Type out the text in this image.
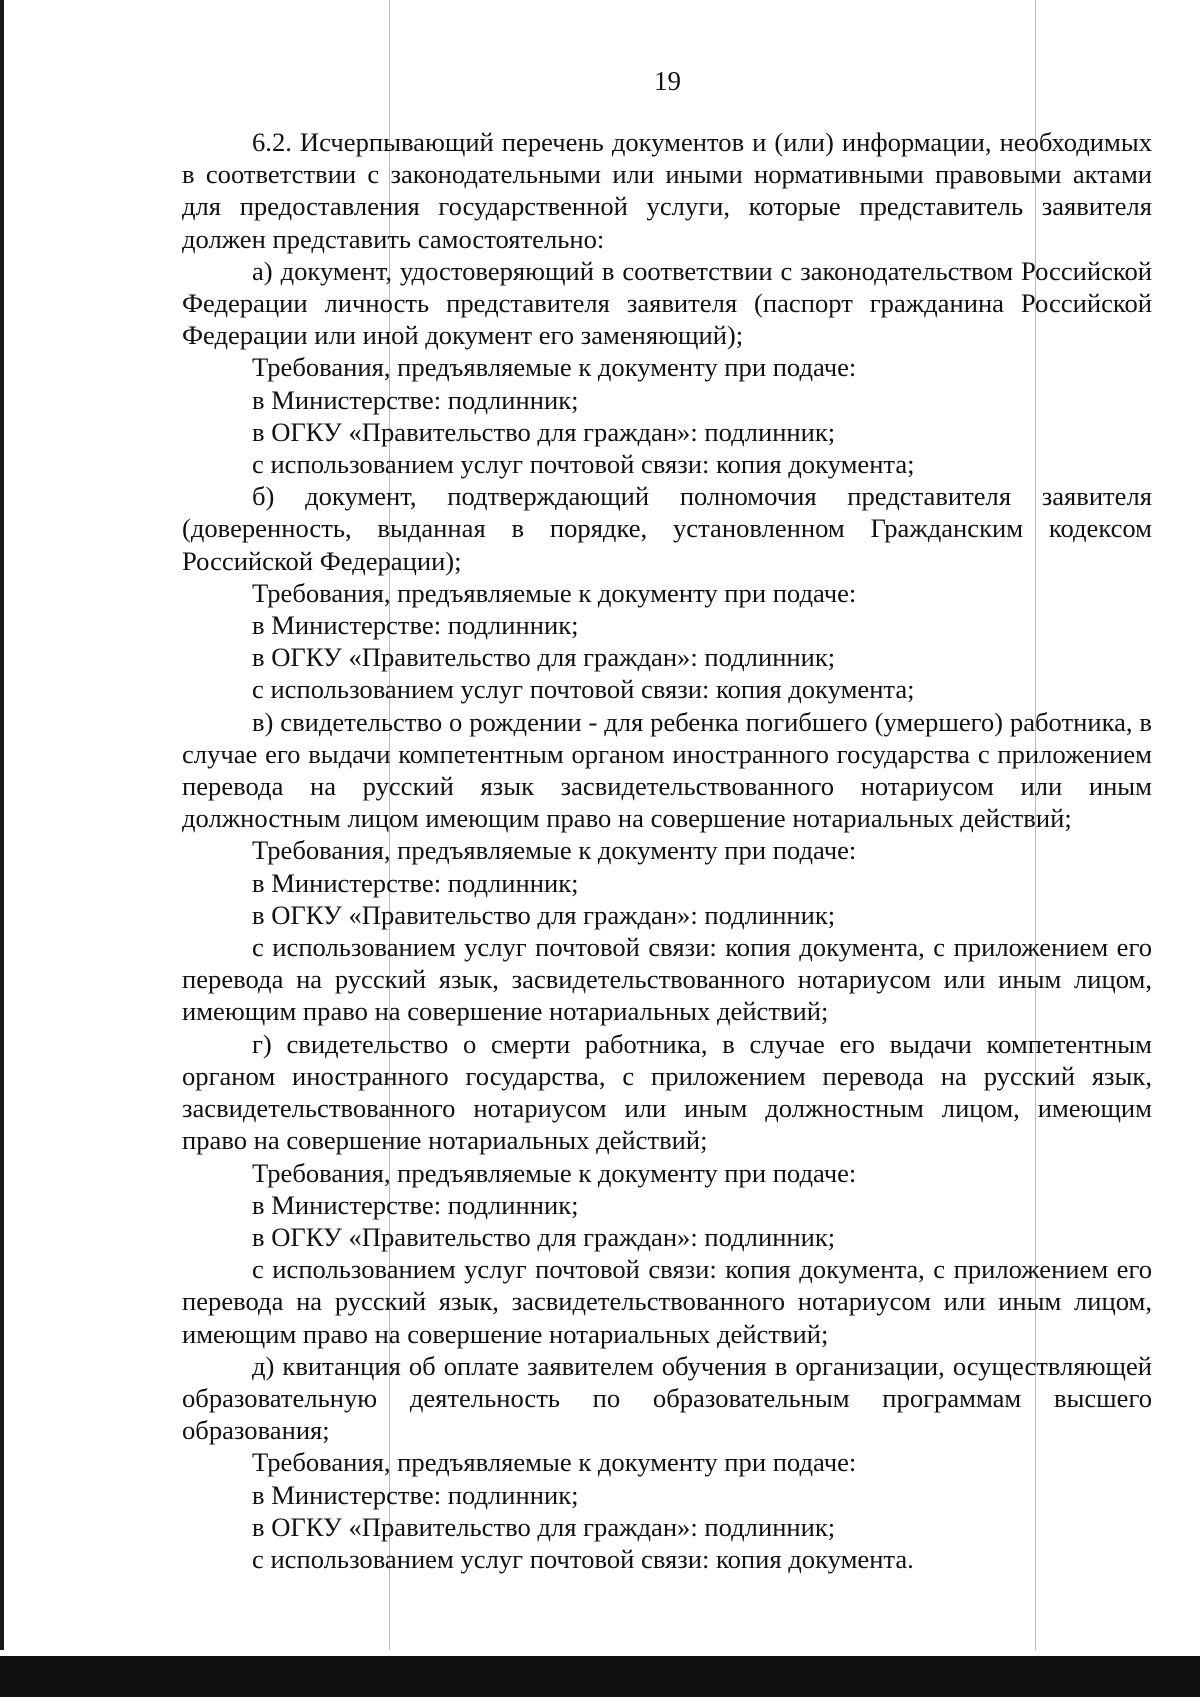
19

6.2. Исчерпывающий перечень документов и (или) информации, необходимых в соответствии с законодательными или иными нормативными правовыми актами для предоставления государственной услуги, которые представитель заявителя должен представить самостоятельно:

а) документ, удостоверяющий в соответствии с законодательством Российской Федерации личность представителя заявителя (паспорт гражданина Российской Федерации или иной документ его заменяющий);

Требования, предъявляемые к документу при подаче:

в Министерстве: подлинник;

в ОГКУ «Правительство для граждан»: подлинник;

с использованием услуг почтовой связи: копия документа;

б) документ, подтверждающий полномочия представителя заявителя (доверенность, выданная в порядке, установленном Гражданским кодексом Российской Федерации);

Требования, предъявляемые к документу при подаче:

в Министерстве: подлинник;

в ОГКУ «Правительство для граждан»: подлинник;

с использованием услуг почтовой связи: копия документа;

в) свидетельство о рождении - для ребенка погибшего (умершего) работника, в случае его выдачи компетентным органом иностранного государства с приложением перевода на русский язык засвидетельствованного нотариусом или иным должностным лицом имеющим право на совершение нотариальных действий;

Требования, предъявляемые к документу при подаче:

в Министерстве: подлинник;

в ОГКУ «Правительство для граждан»: подлинник;

с использованием услуг почтовой связи: копия документа, с приложением его перевода на русский язык, засвидетельствованного нотариусом или иным лицом, имеющим право на совершение нотариальных действий;

г) свидетельство о смерти работника, в случае его выдачи компетентным органом иностранного государства, с приложением перевода на русский язык, засвидетельствованного нотариусом или иным должностным лицом, имеющим право на совершение нотариальных действий;

Требования, предъявляемые к документу при подаче:

в Министерстве: подлинник;

в ОГКУ «Правительство для граждан»: подлинник;

с использованием услуг почтовой связи: копия документа, с приложением его перевода на русский язык, засвидетельствованного нотариусом или иным лицом, имеющим право на совершение нотариальных действий;

д) квитанция об оплате заявителем обучения в организации, осуществляющей образовательную деятельность по образовательным программам высшего образования;

Требования, предъявляемые к документу при подаче:

в Министерстве: подлинник;

в ОГКУ «Правительство для граждан»: подлинник;

с использованием услуг почтовой связи: копия документа.
